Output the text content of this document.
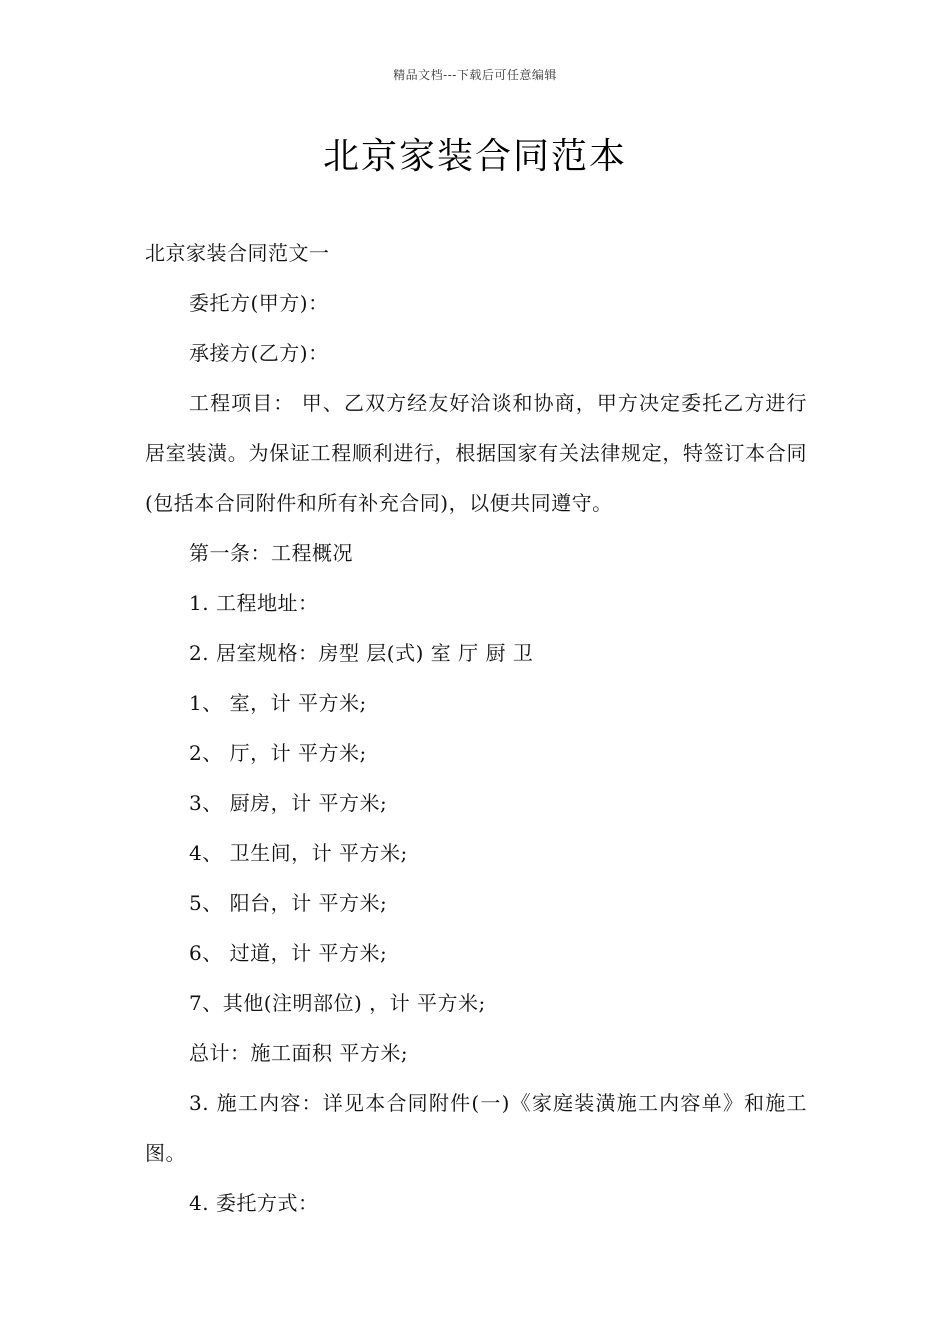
精品文档---下载后可任意编辑
北京家装合同范本

北京家装合同范文一

委托方(甲方)：

承接方(乙方)：

工程项目： 甲、乙双方经友好洽谈和协商，甲方决定委托乙方进行居室装潢。为保证工程顺利进行，根据国家有关法律规定，特签订本合同(包括本合同附件和所有补充合同)，以便共同遵守。

第一条：工程概况

1. 工程地址：

2. 居室规格：房型 层(式) 室 厅 厨 卫

1、 室，计 平方米;

2、 厅，计 平方米;

3、 厨房，计 平方米;

4、 卫生间，计 平方米;

5、 阳台，计 平方米;

6、 过道，计 平方米;

7、其他(注明部位) ，计 平方米;

总计：施工面积 平方米;

3. 施工内容：详见本合同附件(一)《家庭装潢施工内容单》和施工图。

4. 委托方式：
